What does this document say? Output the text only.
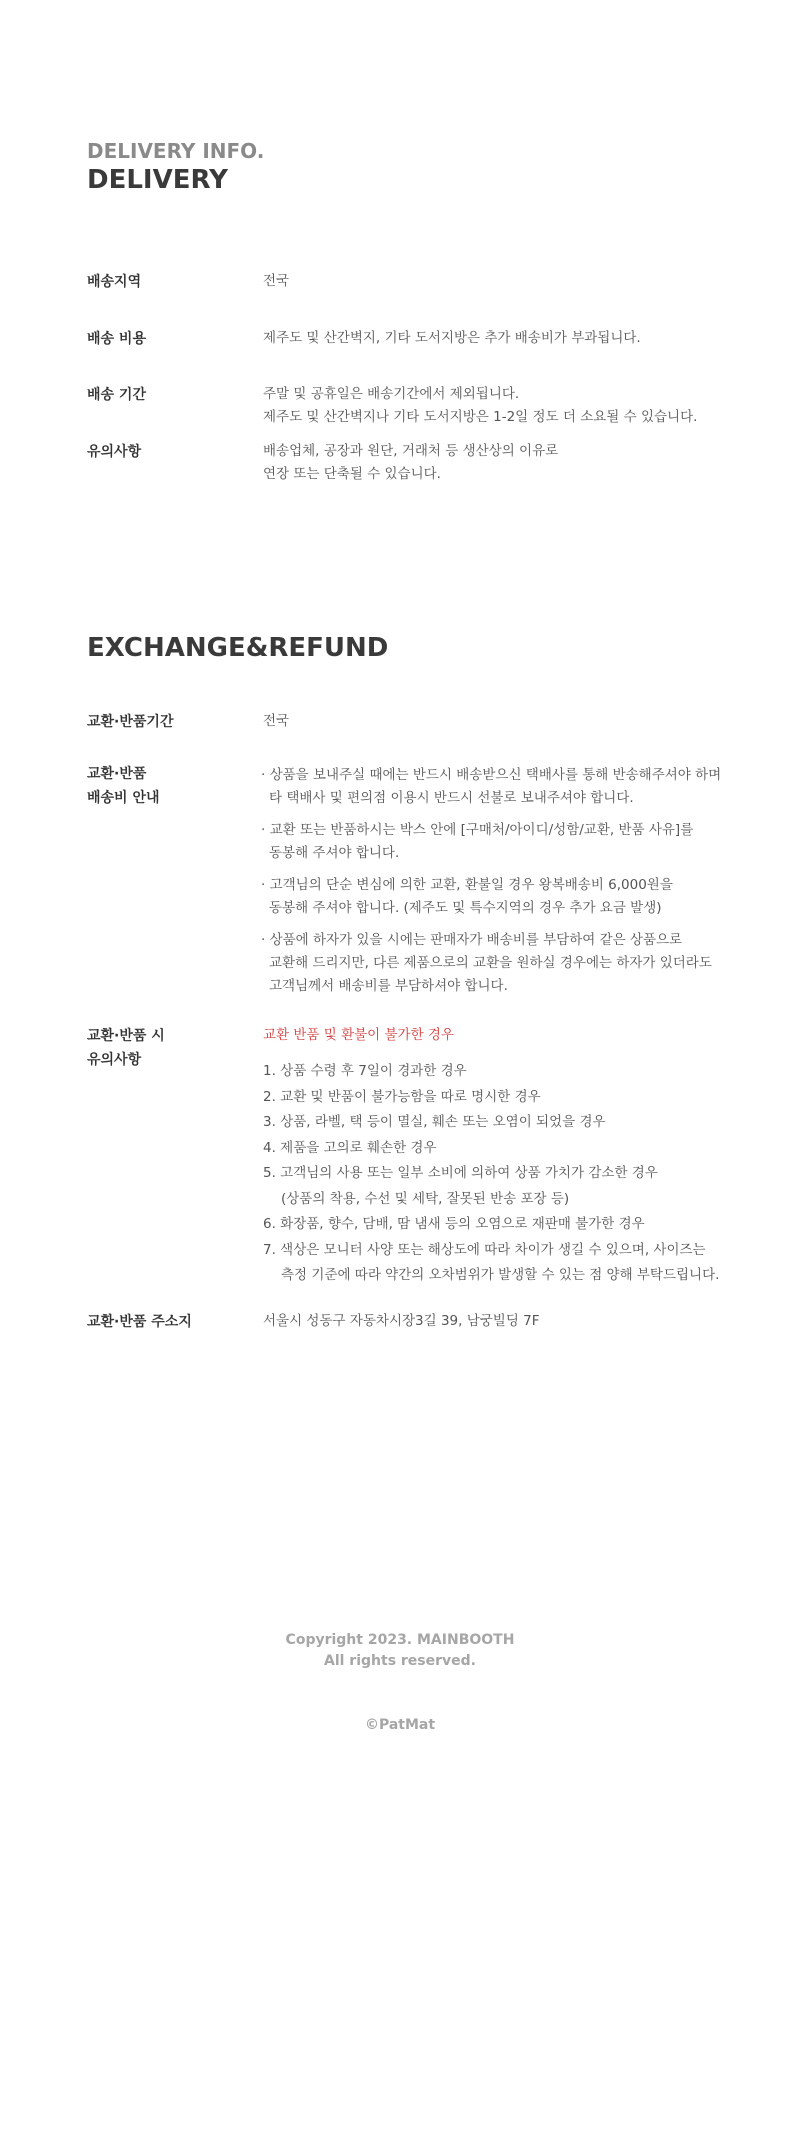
DELIVERY INFO.
DELIVERY
배송지역	전국
배송 비용	제주도 및 산간벽지, 기타 도서지방은 추가 배송비가 부과됩니다.
배송 기간	주말 및 공휴일은 배송기간에서 제외됩니다.
제주도 및 산간벽지나 기타 도서지방은 1-2일 정도 더 소요될 수 있습니다.
유의사항	배송업체, 공장과 원단, 거래처 등 생산상의 이유로
연장 또는 단축될 수 있습니다.
EXCHANGE&REFUND
교환·반품기간	전국
교환·반품
배송비 안내
· 상품을 보내주실 때에는 반드시 배송받으신 택배사를 통해 반송해주셔야 하며
타 택배사 및 편의점 이용시 반드시 선불로 보내주셔야 합니다.
· 교환 또는 반품하시는 박스 안에 [구매처/아이디/성함/교환, 반품 사유]를
동봉해 주셔야 합니다.
· 고객님의 단순 변심에 의한 교환, 환불일 경우 왕복배송비 6,000원을
동봉해 주셔야 합니다. (제주도 및 특수지역의 경우 추가 요금 발생)
· 상품에 하자가 있을 시에는 판매자가 배송비를 부담하여 같은 상품으로
교환해 드리지만, 다른 제품으로의 교환을 원하실 경우에는 하자가 있더라도
고객님께서 배송비를 부담하셔야 합니다.
교환·반품 시
유의사항
교환 반품 및 환불이 불가한 경우
1. 상품 수령 후 7일이 경과한 경우
2. 교환 및 반품이 불가능함을 따로 명시한 경우
3. 상품, 라벨, 택 등이 멸실, 훼손 또는 오염이 되었을 경우
4. 제품을 고의로 훼손한 경우
5. 고객님의 사용 또는 일부 소비에 의하여 상품 가치가 감소한 경우
(상품의 착용, 수선 및 세탁, 잘못된 반송 포장 등)
6. 화장품, 향수, 담배, 땀 냄새 등의 오염으로 재판매 불가한 경우
7. 색상은 모니터 사양 또는 해상도에 따라 차이가 생길 수 있으며, 사이즈는
측정 기준에 따라 약간의 오차범위가 발생할 수 있는 점 양해 부탁드립니다.
교환·반품 주소지	서울시 성동구 자동차시장3길 39, 남궁빌딩 7F
Copyright 2023. MAINBOOTH
All rights reserved.
©PatMat
